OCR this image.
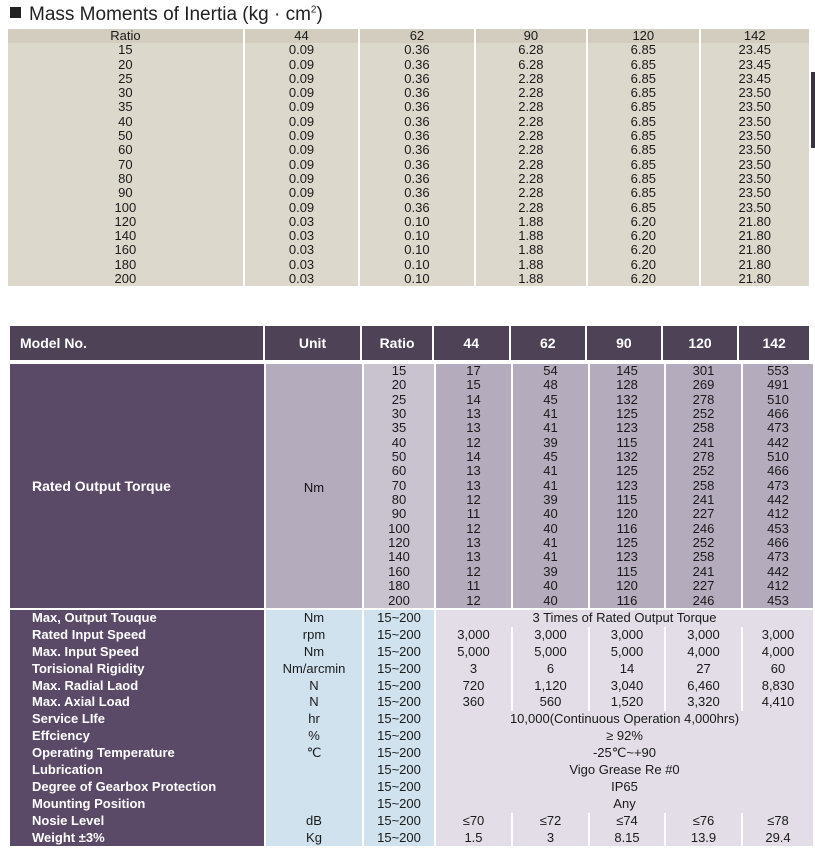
Mass Moments of Inertia $(kg \cdot cm^2)$
Ratio	44	62	90	120	142
15	0.09	0.36	6.28	6.85	23.45
20	0.09	0.36	6.28	6.85	23.45
25	0.09	0.36	2.28	6.85	23.45
30	0.09	0.36	2.28	6.85	23.50
35	0.09	0.36	2.28	6.85	23.50
40	0.09	0.36	2.28	6.85	23.50
50	0.09	0.36	2.28	6.85	23.50
60	0.09	0.36	2.28	6.85	23.50
70	0.09	0.36	2.28	6.85	23.50
80	0.09	0.36	2.28	6.85	23.50
90	0.09	0.36	2.28	6.85	23.50
100	0.09	0.36	2.28	6.85	23.50
120	0.03	0.10	1.88	6.20	21.80
140	0.03	0.10	1.88	6.20	21.80
160	0.03	0.10	1.88	6.20	21.80
180	0.03	0.10	1.88	6.20	21.80
200	0.03	0.10	1.88	6.20	21.80
Model No.	Unit	Ratio	44	62	90	120	142
Rated Output Torque	Nm
15	17	54	145	301	553
20	15	48	128	269	491
25	14	45	132	278	510
30	13	41	125	252	466
35	13	41	123	258	473
40	12	39	115	241	442
50	14	45	132	278	510
60	13	41	125	252	466
70	13	41	123	258	473
80	12	39	115	241	442
90	11	40	120	227	412
100	12	40	116	246	453
120	13	41	125	252	466
140	13	41	123	258	473
160	12	39	115	241	442
180	11	40	120	227	412
200	12	40	116	246	453
Max, Output Touque	Nm	15~200	3 Times of Rated Output Torque
Rated Input Speed	rpm	15~200	3,000	3,000	3,000	3,000	3,000
Max. Input Speed	Nm	15~200	5,000	5,000	5,000	4,000	4,000
Torisional Rigidity	Nm/arcmin	15~200	3	6	14	27	60
Max. Radial Laod	N	15~200	720	1,120	3,040	6,460	8,830
Max. Axial Load	N	15~200	360	560	1,520	3,320	4,410
Service LIfe	hr	15~200	10,000(Continuous Operation 4,000hrs)
Effciency	%	15~200	≥ 92%
Operating Temperature	℃	15~200	-25℃~+90
Lubrication	15~200	Vigo Grease Re #0
Degree of Gearbox Protection	15~200	IP65
Mounting Position	15~200	Any
Nosie Level	dB	15~200	≤70	≤72	≤74	≤76	≤78
Weight ±3%	Kg	15~200	1.5	3	8.15	13.9	29.4
